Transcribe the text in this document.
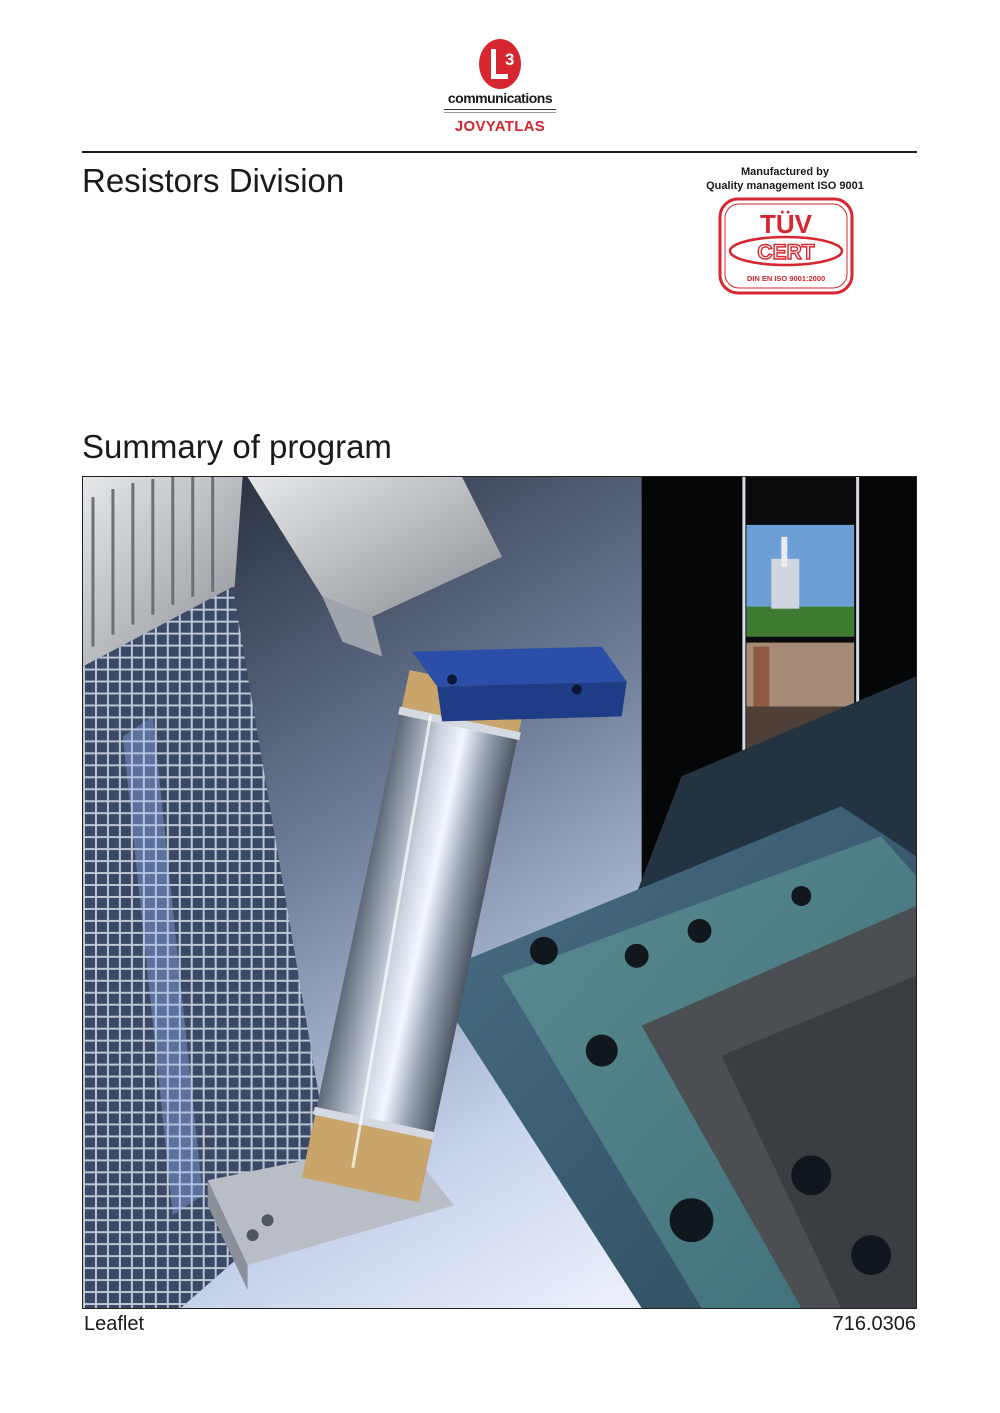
3
communications
JOVYATLAS
Resistors Division	Manufactured by
Quality management ISO 9001
TÜV
CERT
DIN EN ISO 9001:2000
Summary of program
Leaflet	716.0306
